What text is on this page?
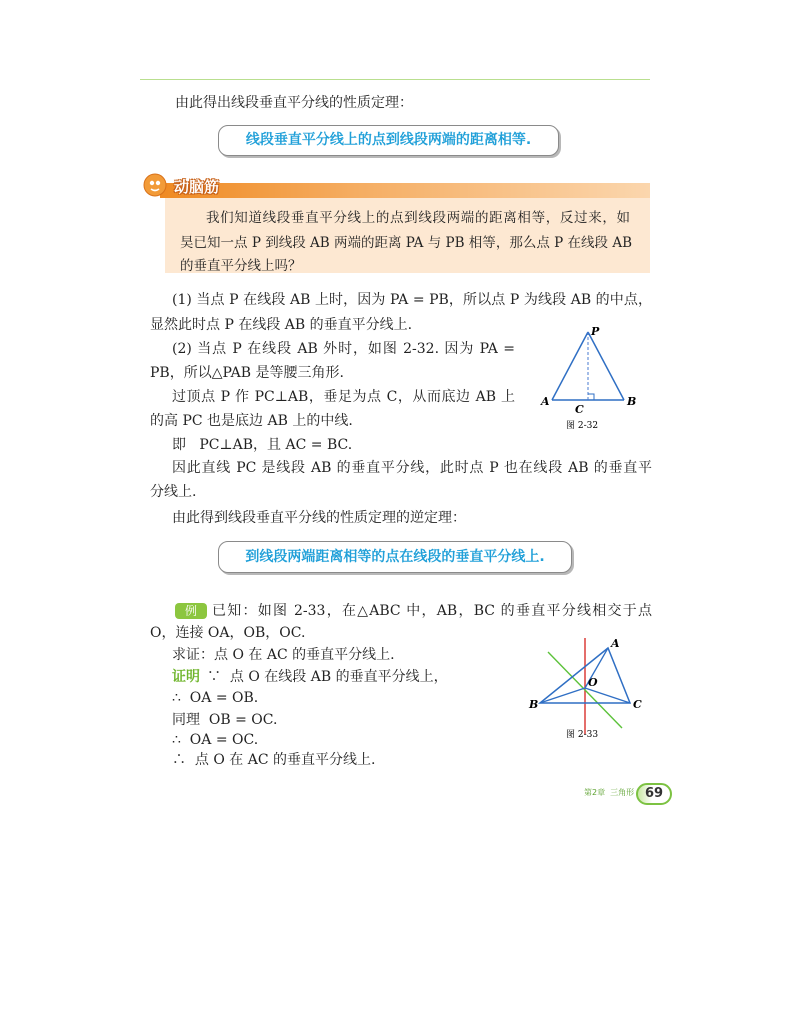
由此得出线段垂直平分线的性质定理：
线段垂直平分线上的点到线段两端的距离相等.
动脑筋
我们知道线段垂直平分线上的点到线段两端的距离相等，反过来，如
昊已知一点 P 到线段 AB 两端的距离 PA 与 PB 相等，那么点 P 在线段 AB
的垂直平分线上吗？
(1) 当点 P 在线段 AB 上时，因为 PA = PB，所以点 P 为线段 AB 的中点，
显然此时点 P 在线段 AB 的垂直平分线上.
(2) 当点 P 在线段 AB 外时，如图 2-32. 因为 PA =
PB，所以△PAB 是等腰三角形.
过顶点 P 作 PC⊥AB，垂足为点 C，从而底边 AB 上
的高 PC 也是底边 AB 上的中线.
即   PC⊥AB，且 AC = BC.
因此直线 PC 是线段 AB 的垂直平分线，此时点 P 也在线段 AB 的垂直平
分线上.
P
A	B
C
图 2-32
由此得到线段垂直平分线的性质定理的逆定理：
到线段两端距离相等的点在线段的垂直平分线上.
例	已知：如图 2-33，在△ABC 中，AB，BC 的垂直平分线相交于点
O，连接 OA，OB，OC.
求证：点 O 在 AC 的垂直平分线上.
证明 ∵  点 O 在线段 AB 的垂直平分线上，
∴  OA = OB.
同理  OB = OC.
∴  OA = OC.
∴  点 O 在 AC 的垂直平分线上.
A
B	C
O
图 2-33
第2章  三角形 69
